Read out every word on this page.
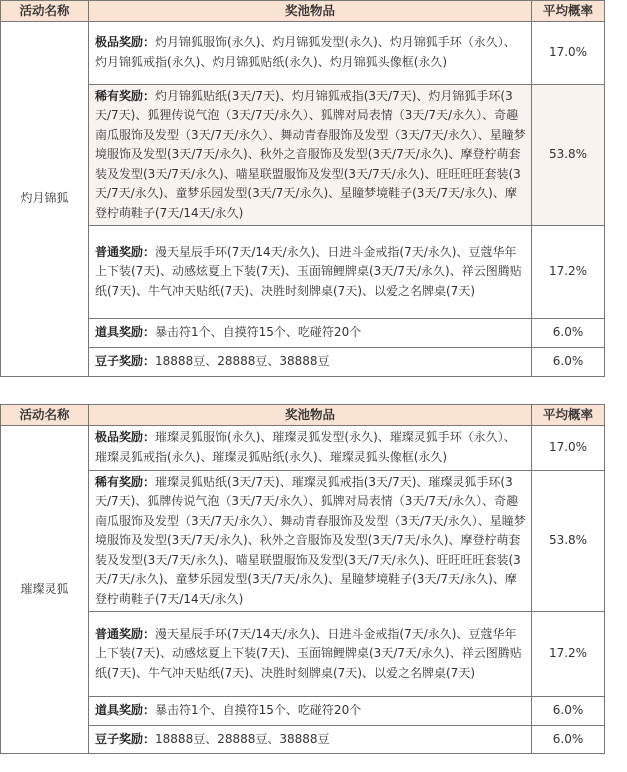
活动名称	奖池物品	平均概率
灼月锦狐	极品奖励：灼月锦狐服饰(永久)、灼月锦狐发型(永久)、灼月锦狐手环（永久）、灼月锦狐戒指(永久)、灼月锦狐贴纸(永久)、灼月锦狐头像框(永久)	17.0%
	稀有奖励：灼月锦狐贴纸(3天/7天)、灼月锦狐戒指(3天/7天)、灼月锦狐手环(3天/7天)、狐狸传说气泡（3天/7天/永久）、狐牌对局表情（3天/7天/永久）、奇趣南瓜服饰及发型（3天/7天/永久）、舞动青春服饰及发型（3天/7天/永久）、星瞳梦境服饰及发型(3天/7天/永久)、秋外之音服饰及发型(3天/7天/永久)、摩登柠萌套装及发型(3天/7天/永久)、喵星联盟服饰及发型(3天/7天/永久)、旺旺旺旺套装(3天/7天/永久)、童梦乐园发型(3天/7天/永久)、星瞳梦境鞋子(3天/7天/永久)、摩登柠萌鞋子(7天/14天/永久)	53.8%
	普通奖励：漫天星辰手环(7天/14天/永久)、日进斗金戒指(7天/永久)、豆蔻华年上下装(7天)、动感炫夏上下装(7天)、玉面锦鲤牌桌(3天/7天/永久)、祥云图腾贴纸(7天)、牛气冲天贴纸(7天)、决胜时刻牌桌(7天)、以爱之名牌桌(7天)	17.2%
	道具奖励：暴击符1个、自摸符15个、吃碰符20个	6.0%
	豆子奖励：18888豆、28888豆、38888豆	6.0%
活动名称	奖池物品	平均概率
璀璨灵狐	极品奖励：璀璨灵狐服饰(永久)、璀璨灵狐发型(永久)、璀璨灵狐手环（永久）、璀璨灵狐戒指(永久)、璀璨灵狐贴纸(永久)、璀璨灵狐头像框(永久)	17.0%
	稀有奖励：璀璨灵狐贴纸(3天/7天)、璀璨灵狐戒指(3天/7天)、璀璨灵狐手环(3天/7天)、狐牌传说气泡（3天/7天/永久）、狐牌对局表情（3天/7天/永久）、奇趣南瓜服饰及发型（3天/7天/永久）、舞动青春服饰及发型（3天/7天/永久）、星瞳梦境服饰及发型(3天/7天/永久)、秋外之音服饰及发型(3天/7天/永久)、摩登柠萌套装及发型(3天/7天/永久)、喵星联盟服饰及发型(3天/7天/永久)、旺旺旺旺套装(3天/7天/永久)、童梦乐园发型(3天/7天/永久)、星瞳梦境鞋子(3天/7天/永久)、摩登柠萌鞋子(7天/14天/永久)	53.8%
	普通奖励：漫天星辰手环(7天/14天/永久)、日进斗金戒指(7天/永久)、豆蔻华年上下装(7天)、动感炫夏上下装(7天)、玉面锦鲤牌桌(3天/7天/永久)、祥云图腾贴纸(7天)、牛气冲天贴纸(7天)、决胜时刻牌桌(7天)、以爱之名牌桌(7天)	17.2%
	道具奖励：暴击符1个、自摸符15个、吃碰符20个	6.0%
	豆子奖励：18888豆、28888豆、38888豆	6.0%
